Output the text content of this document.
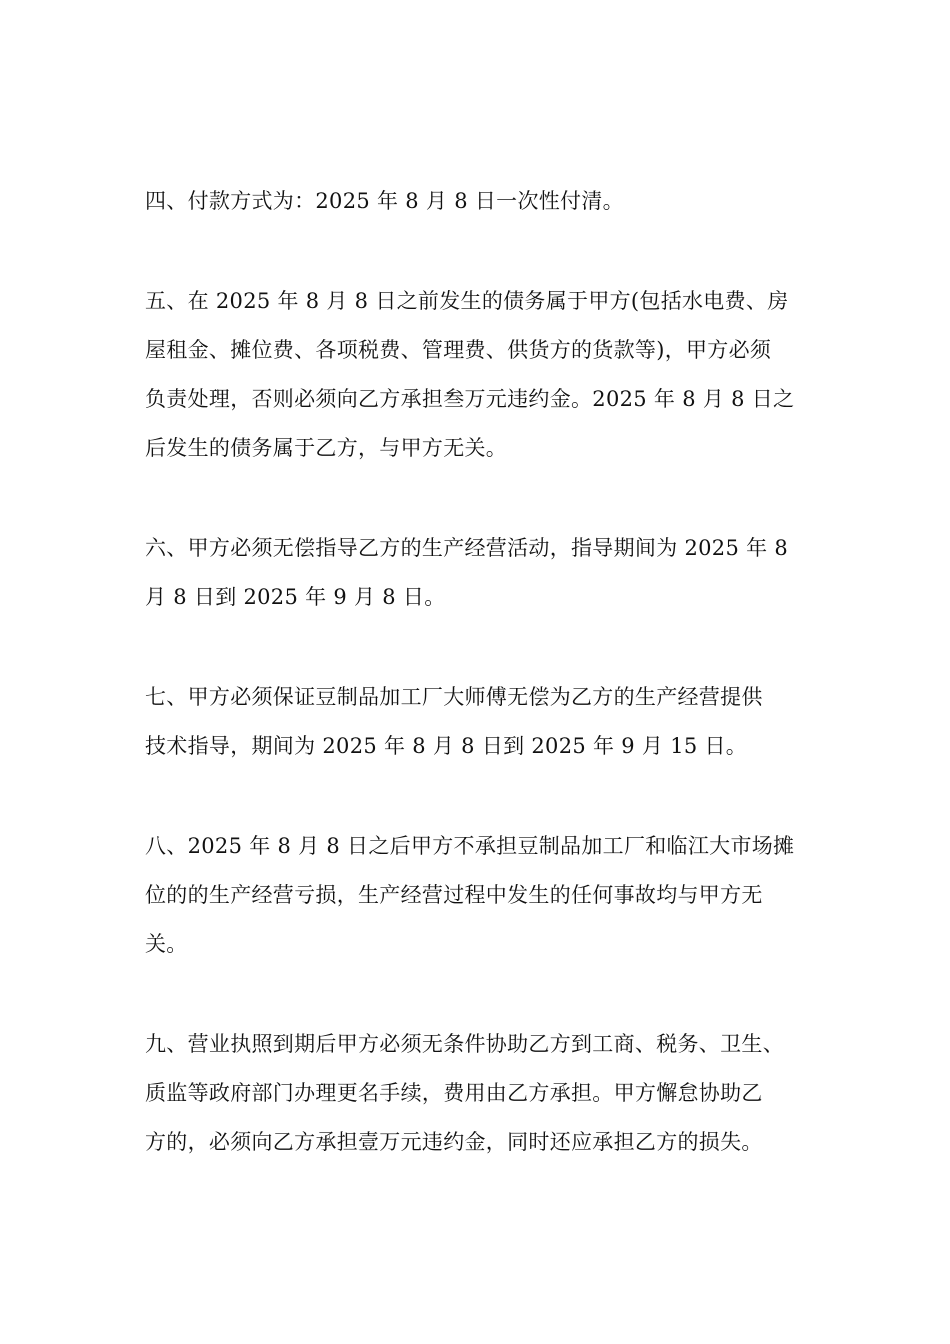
四、付款方式为：2025 年 8 月 8 日一次性付清。

五、在 2025 年 8 月 8 日之前发生的债务属于甲方(包括水电费、房
屋租金、摊位费、各项税费、管理费、供货方的货款等)，甲方必须
负责处理，否则必须向乙方承担叁万元违约金。2025 年 8 月 8 日之
后发生的债务属于乙方，与甲方无关。

六、甲方必须无偿指导乙方的生产经营活动，指导期间为 2025 年 8
月 8 日到 2025 年 9 月 8 日。

七、甲方必须保证豆制品加工厂大师傅无偿为乙方的生产经营提供
技术指导，期间为 2025 年 8 月 8 日到 2025 年 9 月 15 日。

八、2025 年 8 月 8 日之后甲方不承担豆制品加工厂和临江大市场摊
位的的生产经营亏损，生产经营过程中发生的任何事故均与甲方无
关。

九、营业执照到期后甲方必须无条件协助乙方到工商、税务、卫生、
质监等政府部门办理更名手续，费用由乙方承担。甲方懈怠协助乙
方的，必须向乙方承担壹万元违约金，同时还应承担乙方的损失。
